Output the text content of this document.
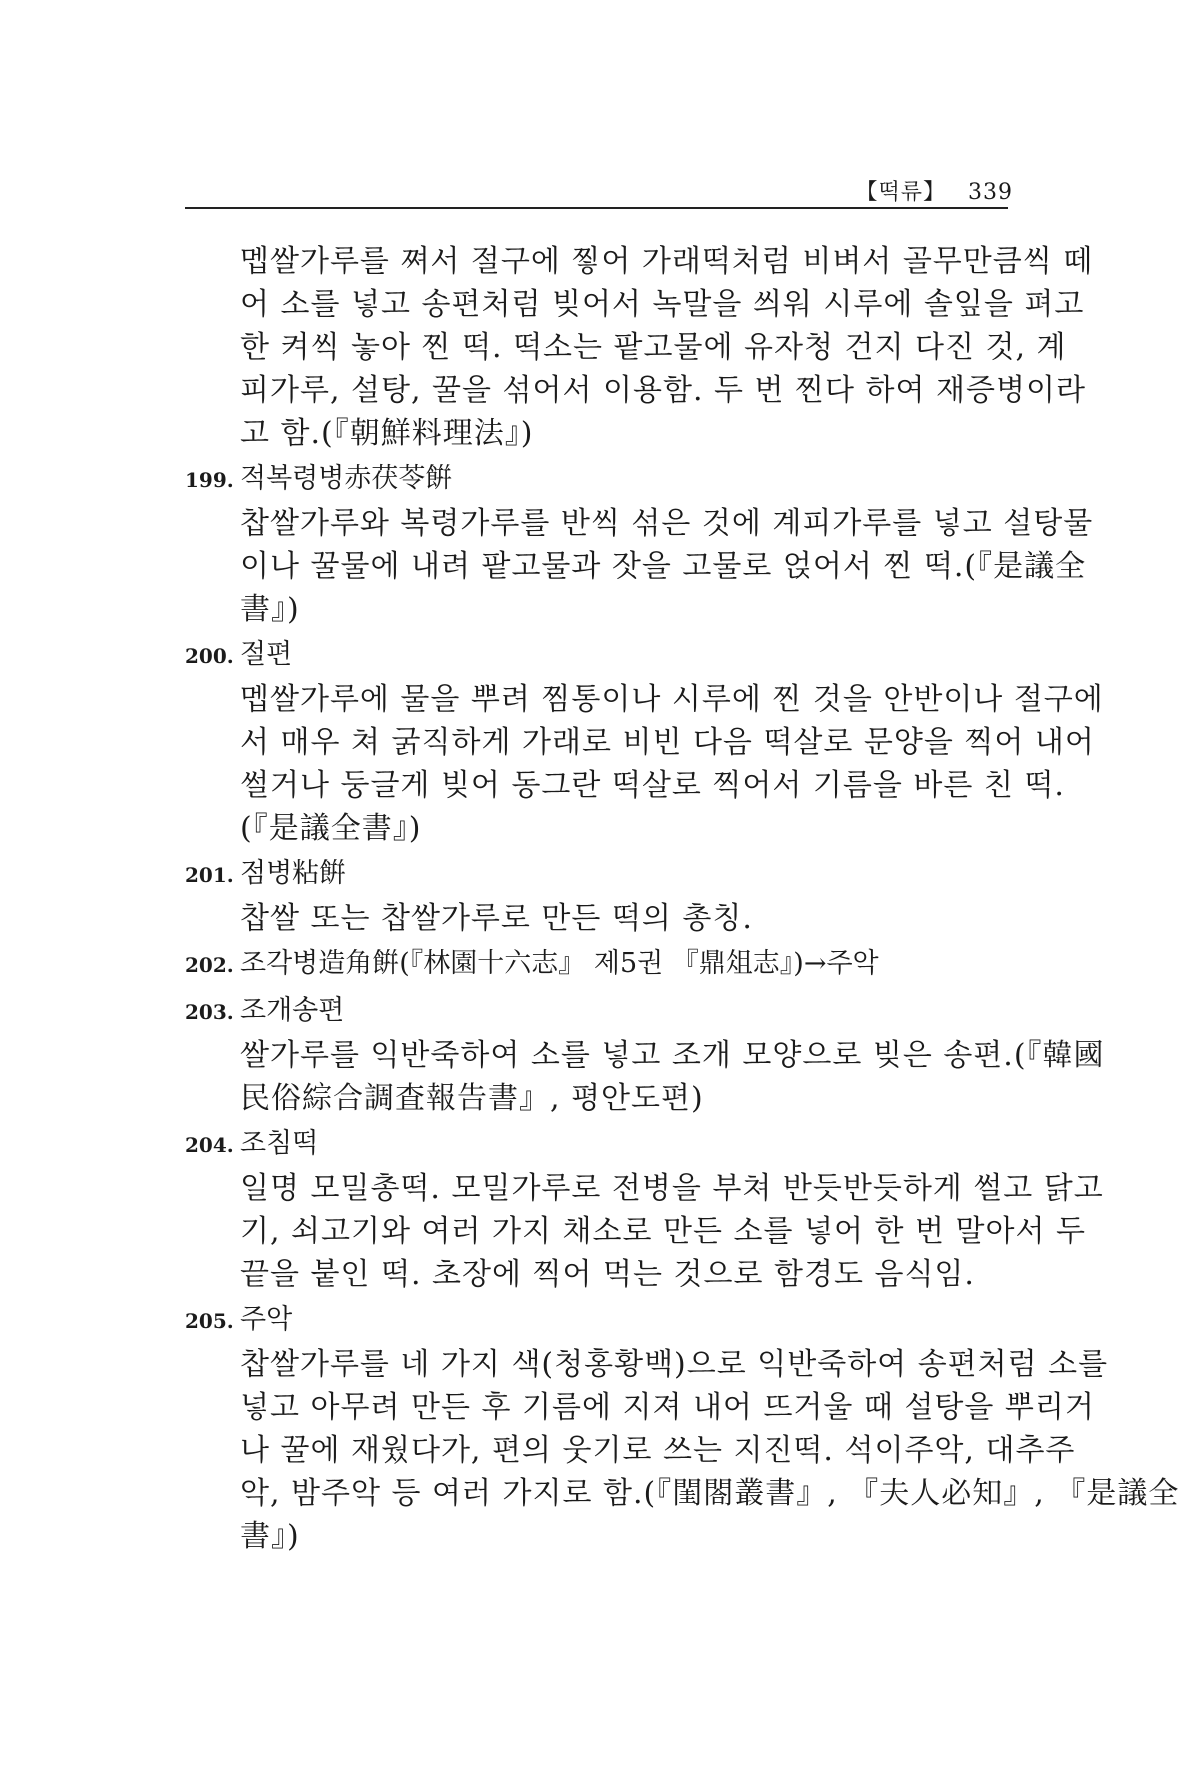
【떡류】 339
멥쌀가루를 쪄서 절구에 찧어 가래떡처럼 비벼서 골무만큼씩 떼
어 소를 넣고 송편처럼 빚어서 녹말을 씌워 시루에 솔잎을 펴고
한 켜씩 놓아 찐 떡. 떡소는 팥고물에 유자청 건지 다진 것, 계
피가루, 설탕, 꿀을 섞어서 이용함. 두 번 찐다 하여 재증병이라
고 함.(『朝鮮料理法』)
199. 적복령병赤茯苓餠
찹쌀가루와 복령가루를 반씩 섞은 것에 계피가루를 넣고 설탕물
이나 꿀물에 내려 팥고물과 잣을 고물로 얹어서 찐 떡.(『是議全
書』)
200. 절편
멥쌀가루에 물을 뿌려 찜통이나 시루에 찐 것을 안반이나 절구에
서 매우 쳐 굵직하게 가래로 비빈 다음 떡살로 문양을 찍어 내어
썰거나 둥글게 빚어 동그란 떡살로 찍어서 기름을 바른 친 떡.
(『是議全書』)
201. 점병粘餠
찹쌀 또는 찹쌀가루로 만든 떡의 총칭.
202. 조각병造角餠(『林園十六志』 제5권 『鼎俎志』)→주악
203. 조개송편
쌀가루를 익반죽하여 소를 넣고 조개 모양으로 빚은 송편.(『韓國
民俗綜合調査報告書』, 평안도편)
204. 조침떡
일명 모밀총떡. 모밀가루로 전병을 부쳐 반듯반듯하게 썰고 닭고
기, 쇠고기와 여러 가지 채소로 만든 소를 넣어 한 번 말아서 두
끝을 붙인 떡. 초장에 찍어 먹는 것으로 함경도 음식임.
205. 주악
찹쌀가루를 네 가지 색(청홍황백)으로 익반죽하여 송편처럼 소를
넣고 아무려 만든 후 기름에 지져 내어 뜨거울 때 설탕을 뿌리거
나 꿀에 재웠다가, 편의 웃기로 쓰는 지진떡. 석이주악, 대추주
악, 밤주악 등 여러 가지로 함.(『閨閤叢書』, 『夫人必知』, 『是議全
書』)
